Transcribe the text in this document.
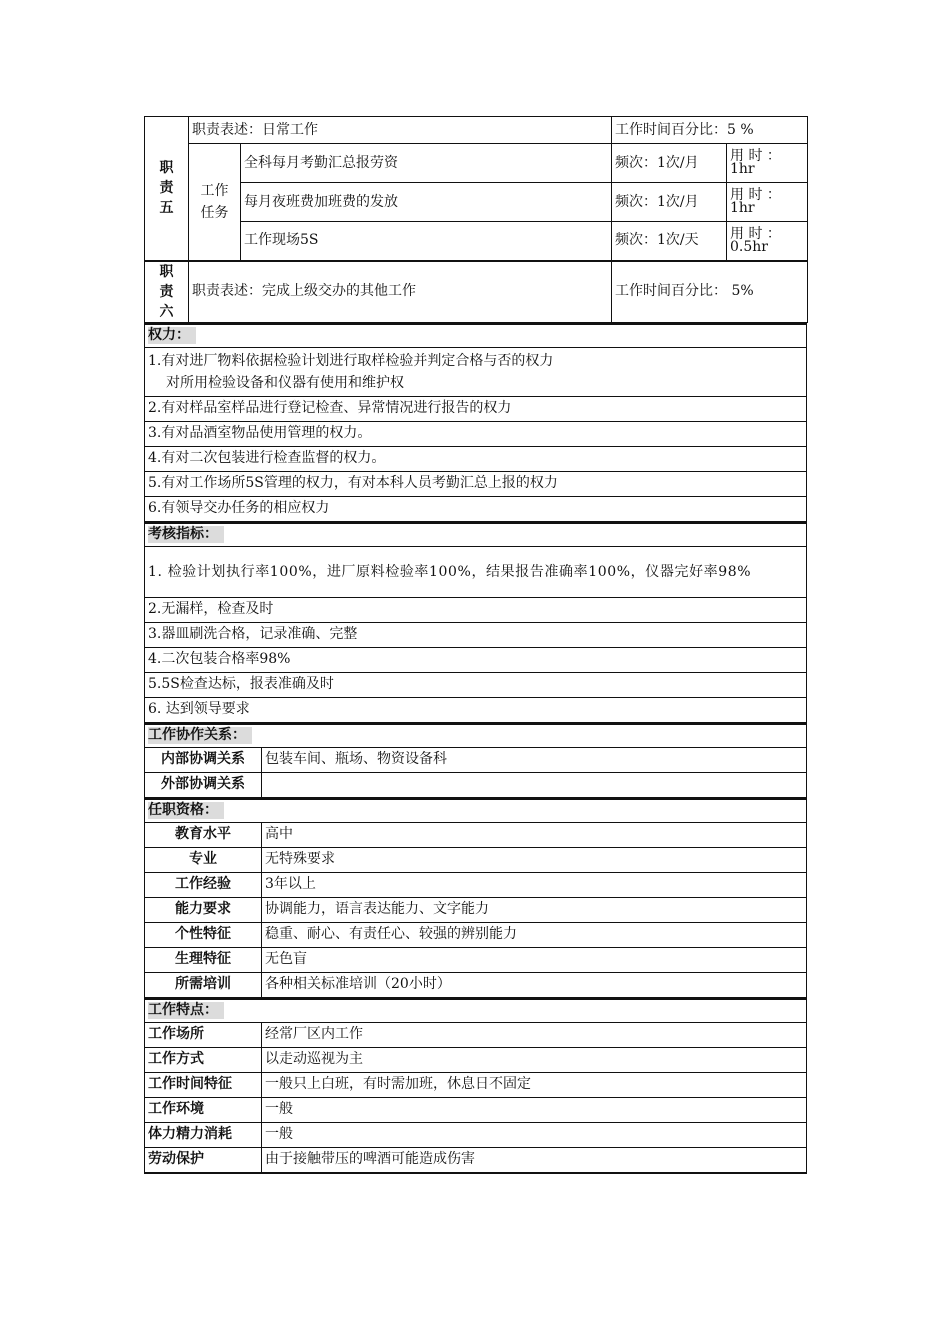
职责五	职责表述：日常工作		工作时间百分比：5 %	
	工作任务	全科每月考勤汇总报劳资	频次：1次/月	用 时 ：
1hr
		每月夜班费加班费的发放	频次：1次/月	用 时 ：
1hr
		工作现场5S	频次：1次/天	用 时 ：
0.5hr
职责六	职责表述：完成上级交办的其他工作		工作时间百分比： 5%	
权力：
1.有对进厂物料依据检验计划进行取样检验并判定合格与否的权力
对所用检验设备和仪器有使用和维护权
2.有对样品室样品进行登记检查、异常情况进行报告的权力
3.有对品酒室物品使用管理的权力。
4.有对二次包装进行检查监督的权力。
5.有对工作场所5S管理的权力，有对本科人员考勤汇总上报的权力
6.有领导交办任务的相应权力
考核指标：
1. 检验计划执行率100%，进厂原料检验率100%，结果报告准确率100%，仪器完好率98%
2.无漏样，检查及时
3.器皿刷洗合格，记录准确、完整
4.二次包装合格率98%
5.5S检查达标，报表准确及时
6. 达到领导要求
工作协作关系：	
内部协调关系	包装车间、瓶场、物资设备科
外部协调关系	
任职资格：	
教育水平	高中
专业	无特殊要求
工作经验	3年以上
能力要求	协调能力，语言表达能力、文字能力
个性特征	稳重、耐心、有责任心、较强的辨别能力
生理特征	无色盲
所需培训	各种相关标准培训（20小时）
工作特点：	
工作场所	经常厂区内工作
工作方式	以走动巡视为主
工作时间特征	一般只上白班，有时需加班，休息日不固定
工作环境	一般
体力精力消耗	一般
劳动保护	由于接触带压的啤酒可能造成伤害
